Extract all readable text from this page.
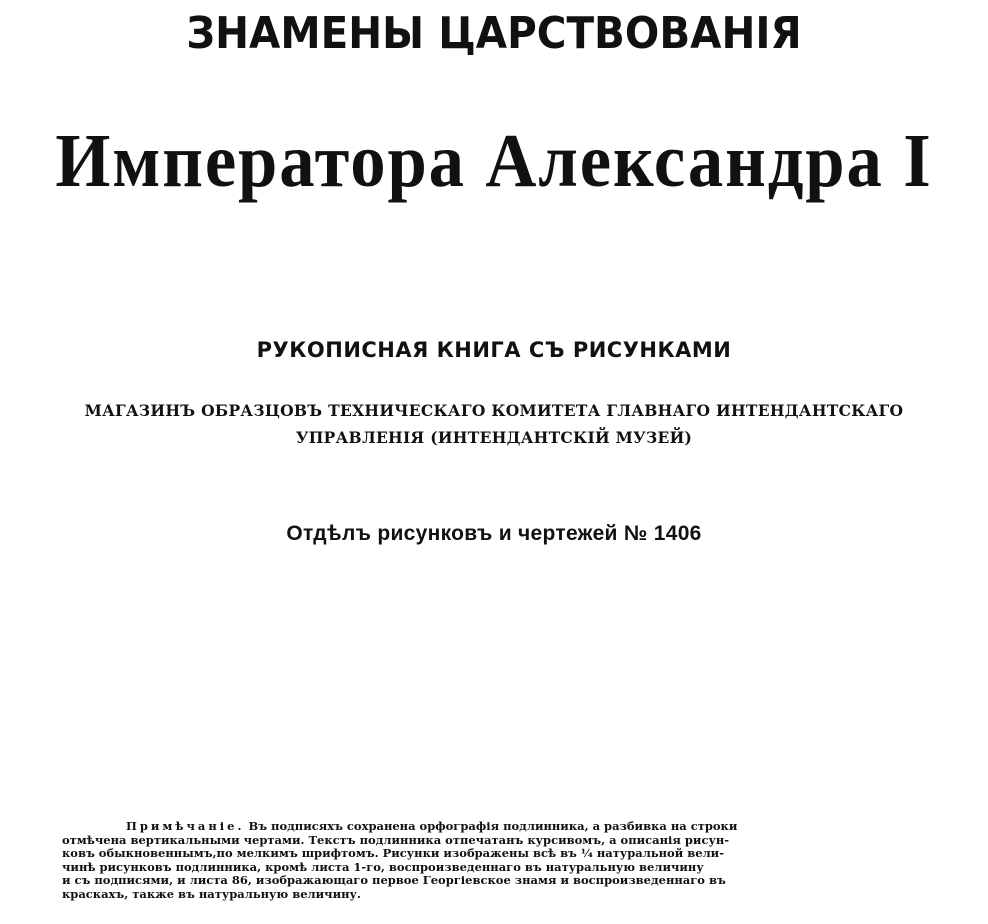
ЗНАМЕНЫ ЦАРСТВОВАНІЯ
Императора Александра I
РУКОПИСНАЯ КНИГА СЪ РИСУНКАМИ
МАГАЗИНЪ ОБРАЗЦОВЪ ТЕХНИЧЕСКАГО КОМИТЕТА ГЛАВНАГО ИНТЕНДАНТСКАГО
УПРАВЛЕНІЯ (ИНТЕНДАНТСКІЙ МУЗЕЙ)
Отдѣлъ рисунковъ и чертежей № 1406
Примѣчаніе. Въ подписяхъ сохранена орфографія подлинника, а разбивка на строки
отмѣчена вертикальными чертами. Текстъ подлинника отпечатанъ курсивомъ, а описанія рисун-
ковъ обыкновеннымъ,по мелкимъ шрифтомъ. Рисунки изображены всѣ въ ¼ натуральной вели-
чинѣ рисунковъ подлинника, кромѣ листа 1-го, воспроизведеннаго въ натуральную величину
и съ подписями, и листа 86, изображающаго первое Георгіевское знамя и воспроизведеннаго въ
краскахъ, также въ натуральную величину.
